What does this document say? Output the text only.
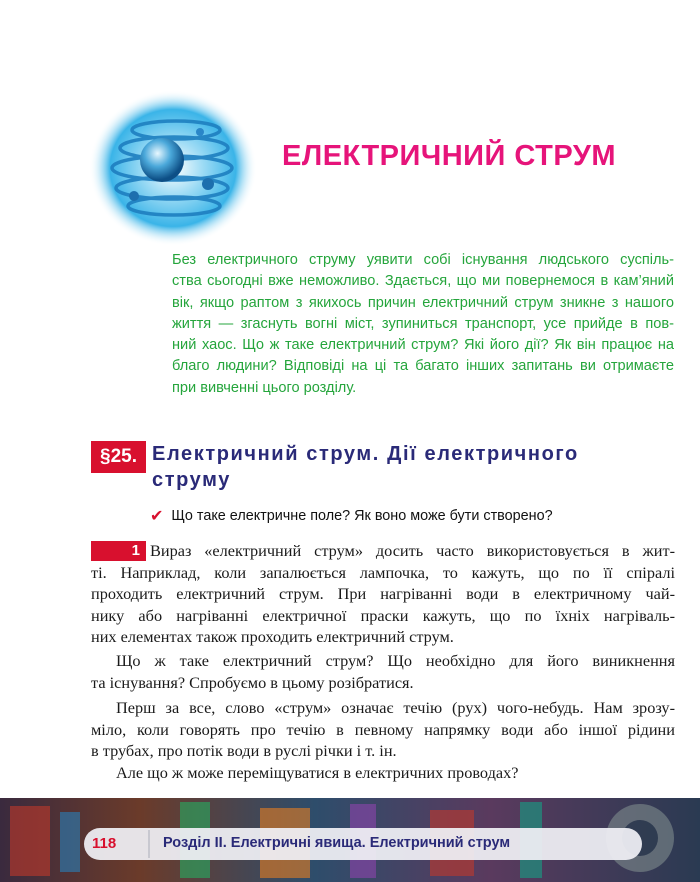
ЕЛЕКТРИЧНИЙ СТРУМ
Без електричного струму уявити собі існування людського суспіль-
ства сьогодні вже неможливо. Здається, що ми повернемося в кам’яний
вік, якщо раптом з якихось причин електричний струм зникне з нашого
життя — згаснуть вогні міст, зупиниться транспорт, усе прийде в пов-
ний хаос. Що ж таке електричний струм? Які його дії? Як він працює на
благо людини? Відповіді на ці та багато інших запитань ви отримаєте
при вивченні цього розділу.
§25. Електричний струм. Дії електричного
струму
✔ Що таке електричне поле? Як воно може бути створено?
1 Вираз «електричний струм» досить часто використовується в жит-
ті. Наприклад, коли запалюється лампочка, то кажуть, що по її спіралі
проходить електричний струм. При нагріванні води в електричному чай-
нику або нагріванні електричної праски кажуть, що по їхніх нагріваль-
них елементах також проходить електричний струм.
Що ж таке електричний струм? Що необхідно для його виникнення
та існування? Спробуємо в цьому розібратися.
Перш за все, слово «струм» означає течію (рух) чого-небудь. Нам зрозу-
міло, коли говорять про течію в певному напрямку води або іншої рідини
в трубах, про потік води в руслі річки і т. ін.
Але що ж може переміщуватися в електричних проводах?
118	Розділ II. Електричні явища. Електричний струм
